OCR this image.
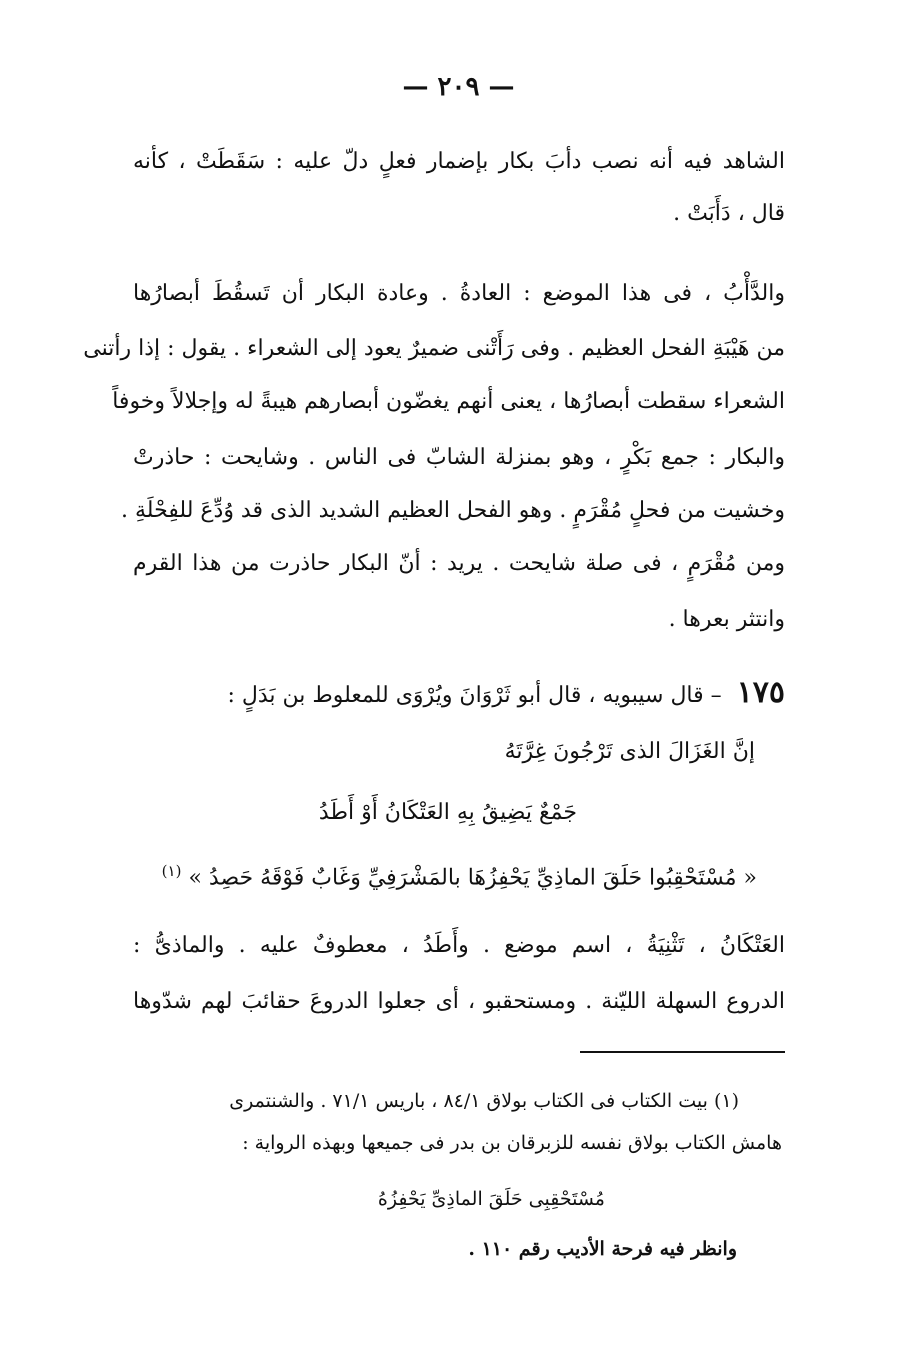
— ٢٠٩ —
الشاهد فيه أنه نصب دأبَ بكار بإضمار فعلٍ دلّ عليه : سَقَطَتْ ، كأنه
قال ، دَأَبَتْ .
والدَّأْبُ ، فى هذا الموضع : العادةُ . وعادة البكار أن تَسقُطَ أبصارُها
من هَيْبَةِ الفحل العظيم . وفى رَأَتْنى ضميرٌ يعود إلى الشعراء . يقول : إذا رأتنى
الشعراء سقطت أبصارُها ، يعنى أنهم يغضّون أبصارهم هيبةً له وإجلالاً وخوفاً
والبكار : جمع بَكْرٍ ، وهو بمنزلة الشابّ فى الناس . وشايحت : حاذرتْ
وخشيت من فحلٍ مُقْرَمٍ . وهو الفحل العظيم الشديد الذى قد وُدِّعَ للفِحْلَةِ .
ومن مُقْرَمٍ ، فى صلة شايحت . يريد : أنّ البكار حاذرت من هذا القرم
وانتثر بعرها .
١٧٥ – قال سيبويه ، قال أبو ثَرْوَانَ ويُرْوَى للمعلوط بن بَدَلٍ :
إنَّ الغَزَالَ الذى تَرْجُونَ غِرَّتَهُ
جَمْعٌ يَضِيقُ بِهِ العَتْكَانُ أَوْ أَطَدُ
« مُسْتَحْقِبُوا حَلَقَ الماذِيِّ يَحْفِزُهَا بالمَشْرَفِيِّ وَغَابٌ فَوْقَهُ حَصِدُ » $^{(١)}$
العَتْكَانُ ، تَثْنِيَةُ ، اسم موضع . وأَطَدُ ، معطوفٌ عليه . والماذىُّ :
الدروع السهلة الليّنة . ومستحقبو ، أى جعلوا الدروعَ حقائبَ لهم شدّوها
(١) بيت الكتاب فى الكتاب بولاق ٨٤/١ ، باريس ٧١/١ . والشنتمرى
هامش الكتاب بولاق نفسه للزبرقان بن بدر فى جميعها وبهذه الرواية :
مُسْتَحْقِبِى حَلَقَ الماذِىِّ يَحْفِزُهُ
وانظر فيه فرحة الأديب رقم ١١٠ .
